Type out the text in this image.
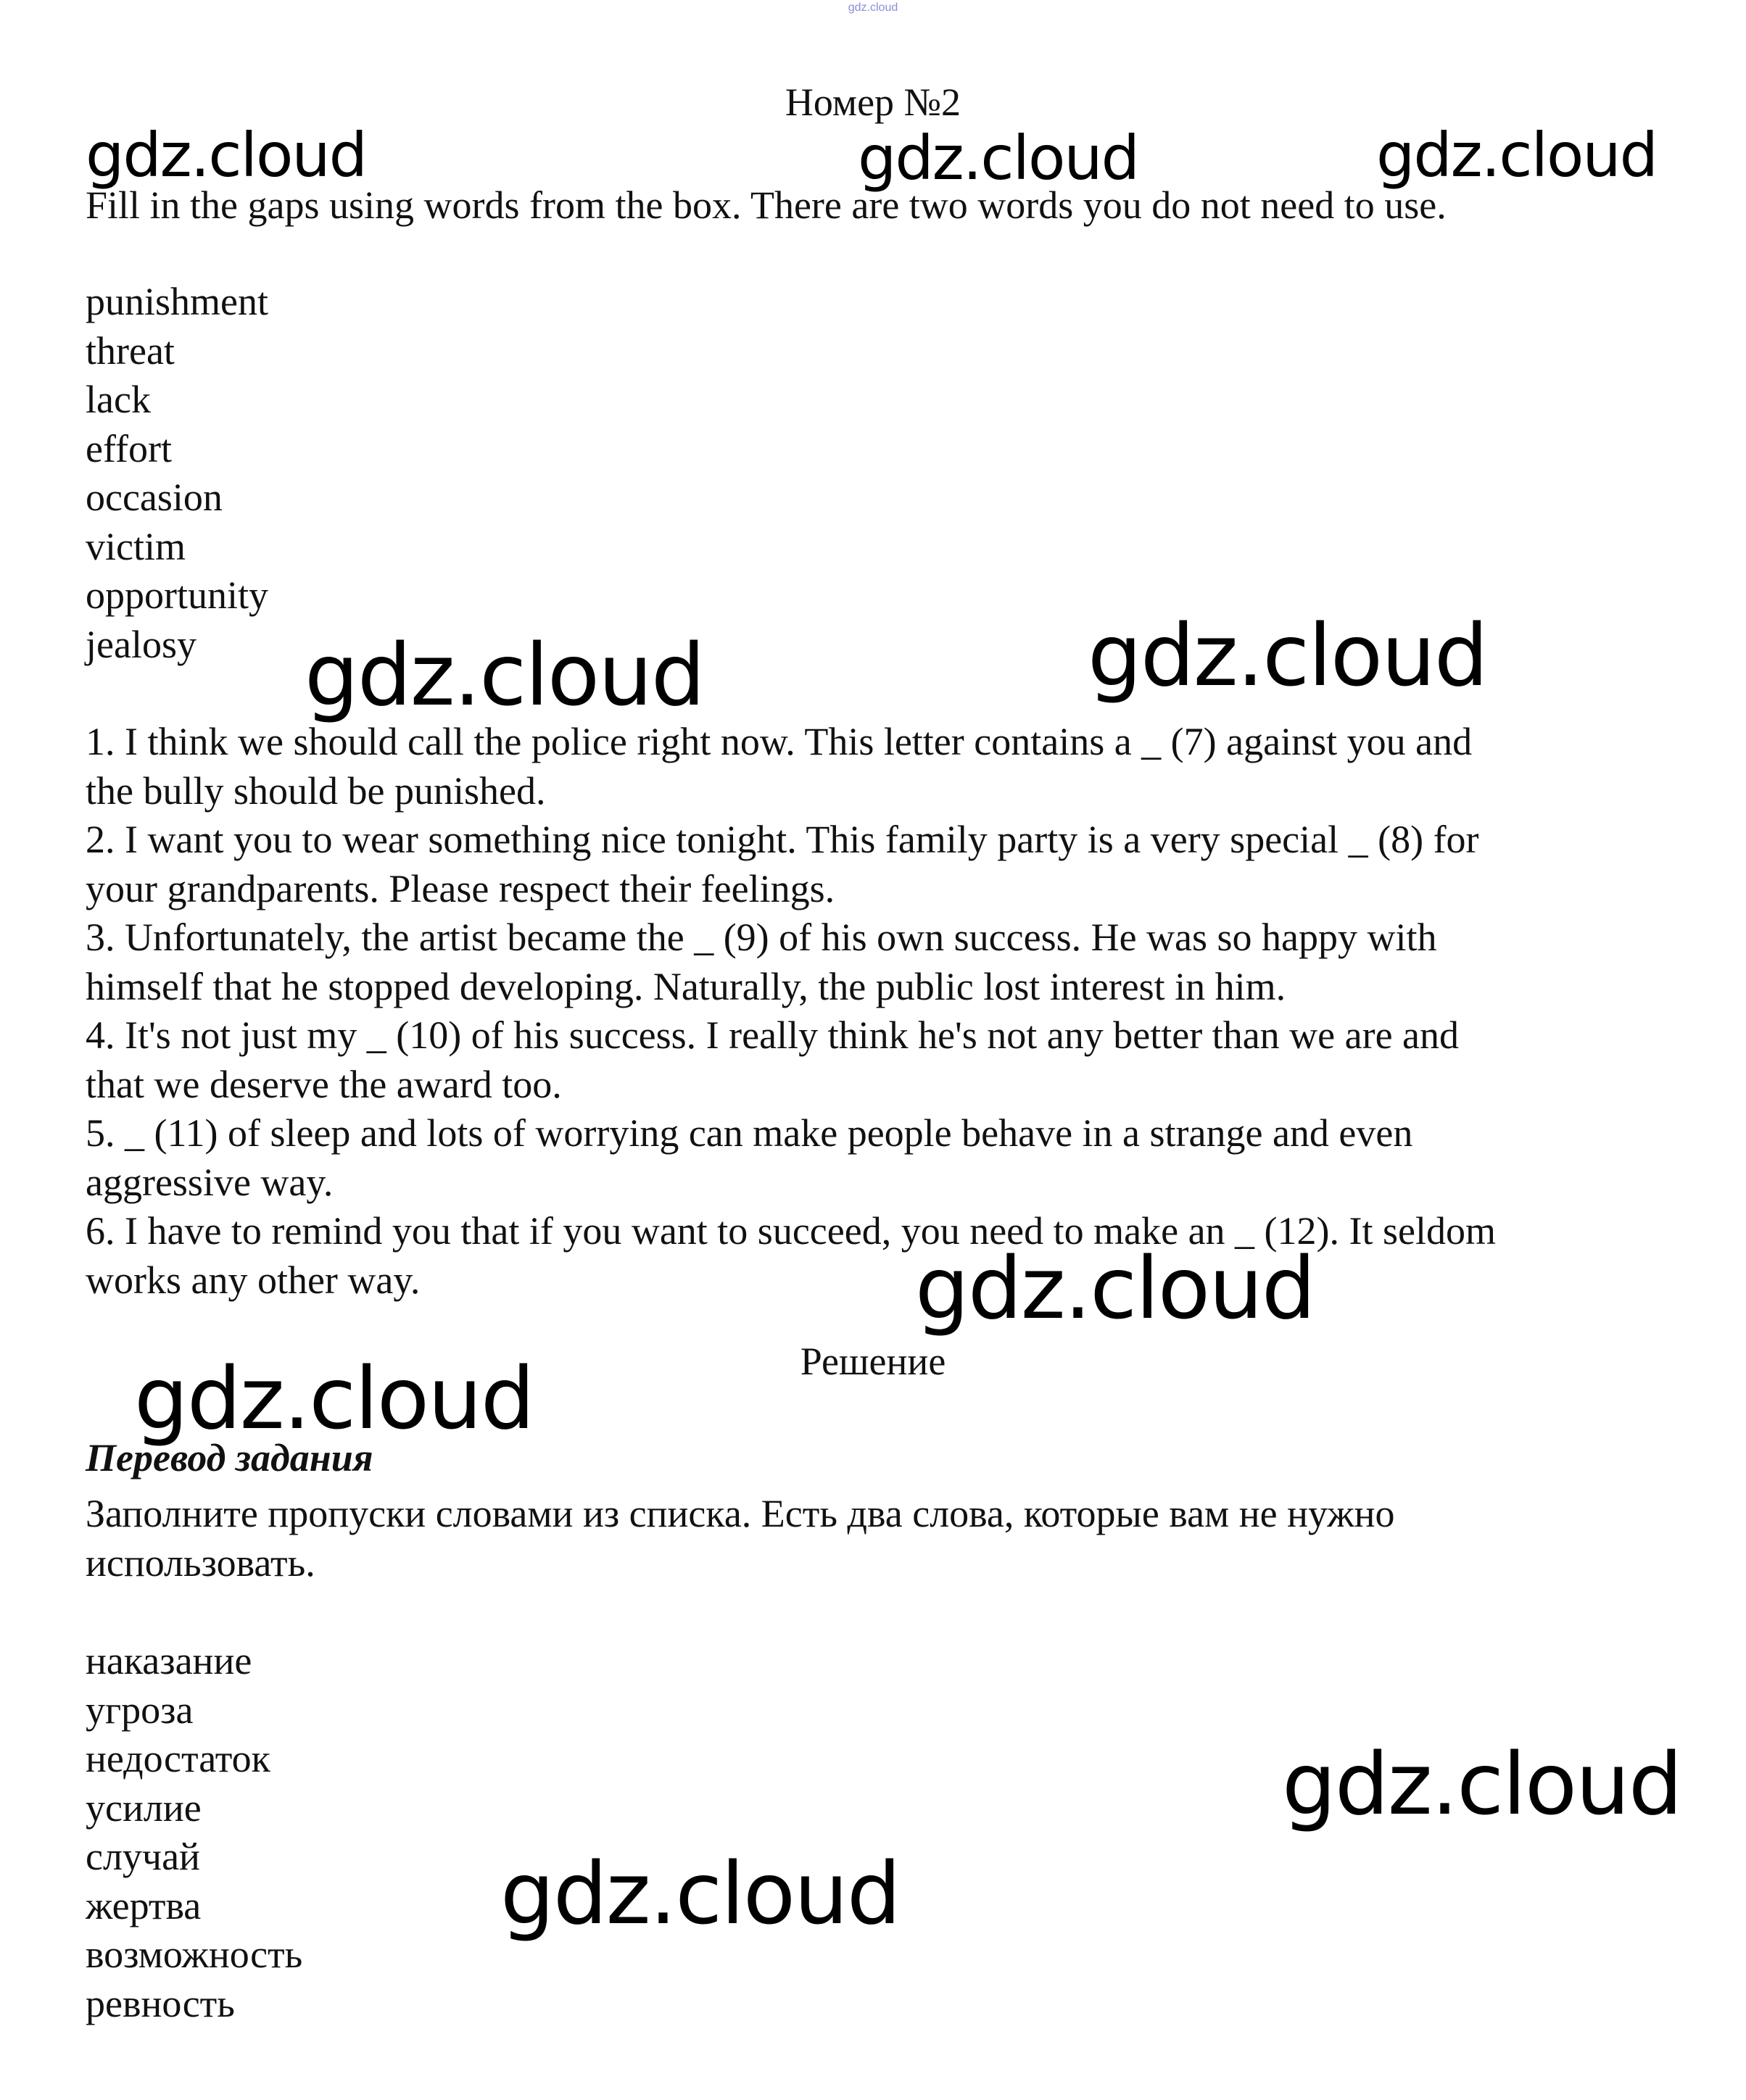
gdz.cloud
Номер №2
Fill in the gaps using words from the box. There are two words you do not need to use.
punishment
threat
lack
effort
occasion
victim
opportunity
jealosy
1. I think we should call the police right now. This letter contains a _ (7) against you and
the bully should be punished.
2. I want you to wear something nice tonight. This family party is a very special _ (8) for
your grandparents. Please respect their feelings.
3. Unfortunately, the artist became the _ (9) of his own success. He was so happy with
himself that he stopped developing. Naturally, the public lost interest in him.
4. It's not just my _ (10) of his success. I really think he's not any better than we are and
that we deserve the award too.
5. _ (11) of sleep and lots of worrying can make people behave in a strange and even
aggressive way.
6. I have to remind you that if you want to succeed, you need to make an _ (12). It seldom
works any other way.
Решение
Перевод задания
Заполните пропуски словами из списка. Есть два слова, которые вам не нужно
использовать.
наказание
угроза
недостаток
усилие
случай
жертва
возможность
ревность
gdz.cloud	gdz.cloud	gdz.cloud
gdz.cloud	gdz.cloud
gdz.cloud
gdz.cloud
gdz.cloud
gdz.cloud
